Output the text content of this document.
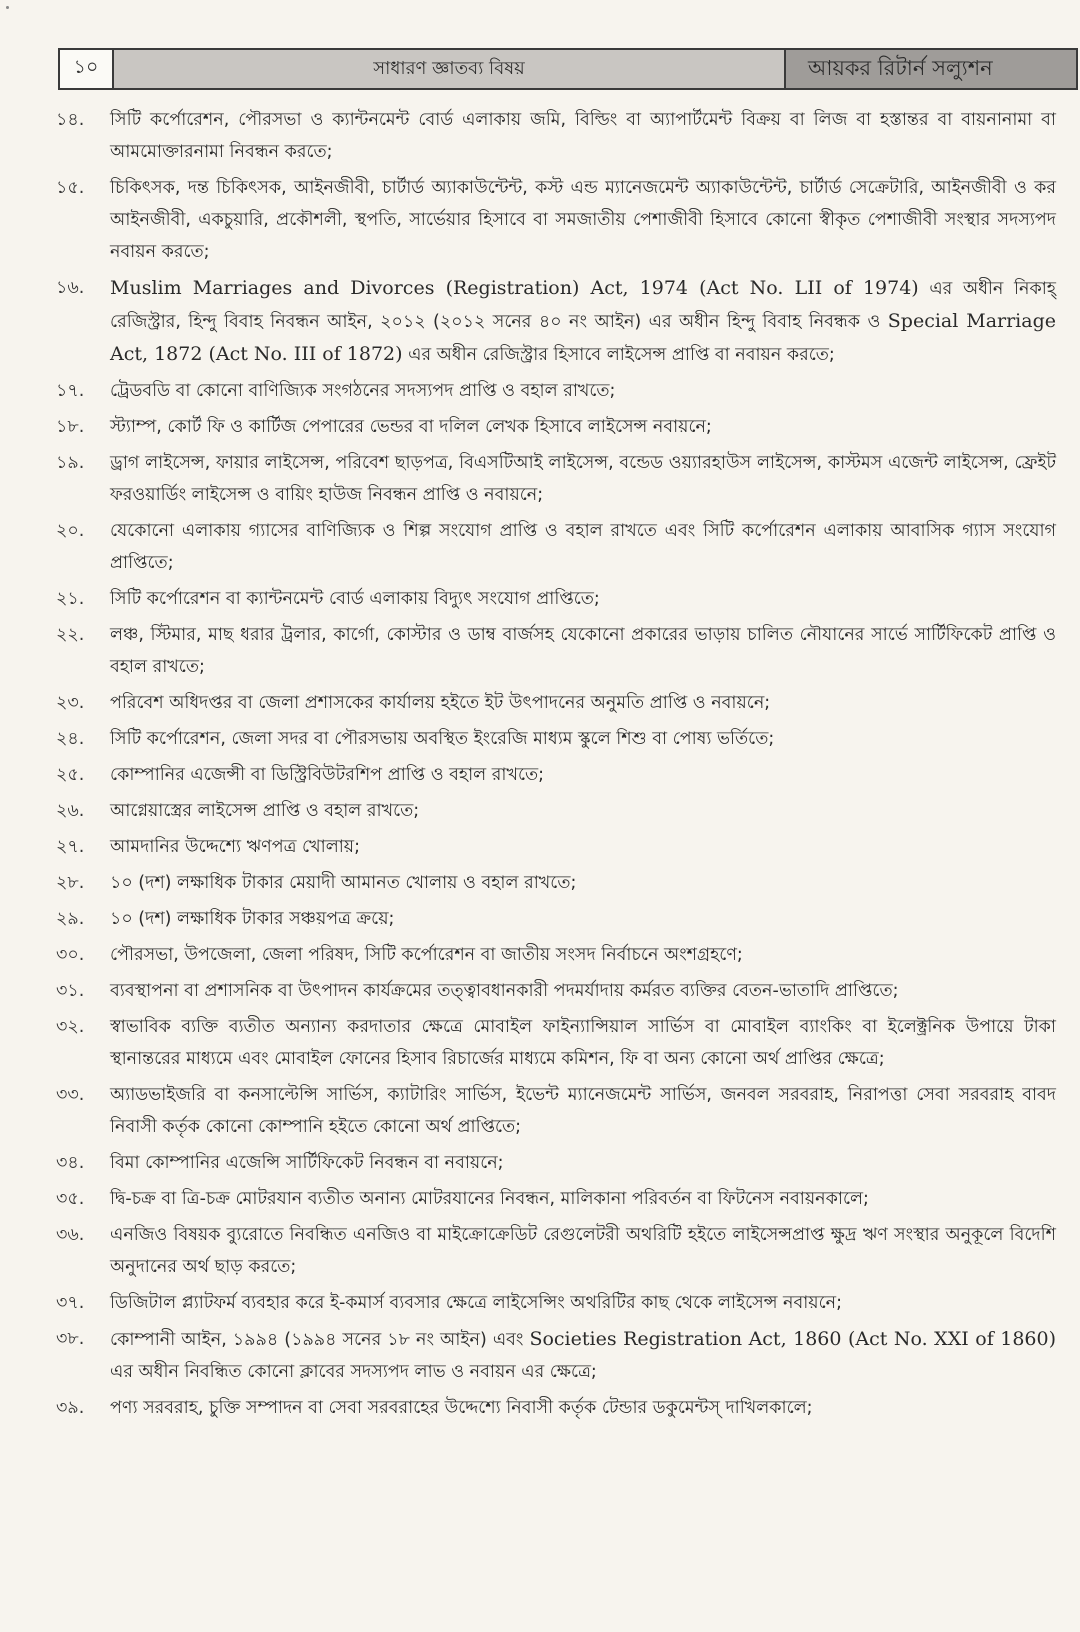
১০	সাধারণ জ্ঞাতব্য বিষয়	আয়কর রিটার্ন সল্যুশন
১৪.	সিটি কর্পোরেশন, পৌরসভা ও ক্যান্টনমেন্ট বোর্ড এলাকায় জমি, বিল্ডিং বা অ্যাপার্টমেন্ট বিক্রয় বা লিজ বা হস্তান্তর বা বায়নানামা বা আমমোক্তারনামা নিবন্ধন করতে;
১৫.	চিকিৎসক, দন্ত চিকিৎসক, আইনজীবী, চার্টার্ড অ্যাকাউন্টেন্ট, কস্ট এন্ড ম্যানেজমেন্ট অ্যাকাউন্টেন্ট, চার্টার্ড সেক্রেটারি, আইনজীবী ও কর আইনজীবী, একচুয়ারি, প্রকৌশলী, স্থপতি, সার্ভেয়ার হিসাবে বা সমজাতীয় পেশাজীবী হিসাবে কোনো স্বীকৃত পেশাজীবী সংস্থার সদস্যপদ নবায়ন করতে;
১৬.	Muslim Marriages and Divorces (Registration) Act, 1974 (Act No. LII of 1974) এর অধীন নিকাহ্ রেজিস্ট্রার, হিন্দু বিবাহ নিবন্ধন আইন, ২০১২ (২০১২ সনের ৪০ নং আইন) এর অধীন হিন্দু বিবাহ নিবন্ধক ও Special Marriage Act, 1872 (Act No. III of 1872) এর অধীন রেজিস্ট্রার হিসাবে লাইসেন্স প্রাপ্তি বা নবায়ন করতে;
১৭.	ট্রেডবডি বা কোনো বাণিজ্যিক সংগঠনের সদস্যপদ প্রাপ্তি ও বহাল রাখতে;
১৮.	স্ট্যাম্প, কোর্ট ফি ও কার্টিজ পেপারের ভেন্ডর বা দলিল লেখক হিসাবে লাইসেন্স নবায়নে;
১৯.	ড্রাগ লাইসেন্স, ফায়ার লাইসেন্স, পরিবেশ ছাড়পত্র, বিএসটিআই লাইসেন্স, বন্ডেড ওয়্যারহাউস লাইসেন্স, কাস্টমস এজেন্ট লাইসেন্স, ফ্রেইট ফরওয়ার্ডিং লাইসেন্স ও বায়িং হাউজ নিবন্ধন প্রাপ্তি ও নবায়নে;
২০.	যেকোনো এলাকায় গ্যাসের বাণিজ্যিক ও শিল্প সংযোগ প্রাপ্তি ও বহাল রাখতে এবং সিটি কর্পোরেশন এলাকায় আবাসিক গ্যাস সংযোগ প্রাপ্তিতে;
২১.	সিটি কর্পোরেশন বা ক্যান্টনমেন্ট বোর্ড এলাকায় বিদ্যুৎ সংযোগ প্রাপ্তিতে;
২২.	লঞ্চ, স্টিমার, মাছ ধরার ট্রলার, কার্গো, কোস্টার ও ডাম্ব বার্জসহ যেকোনো প্রকারের ভাড়ায় চালিত নৌযানের সার্ভে সার্টিফিকেট প্রাপ্তি ও বহাল রাখতে;
২৩.	পরিবেশ অধিদপ্তর বা জেলা প্রশাসকের কার্যালয় হইতে ইট উৎপাদনের অনুমতি প্রাপ্তি ও নবায়নে;
২৪.	সিটি কর্পোরেশন, জেলা সদর বা পৌরসভায় অবস্থিত ইংরেজি মাধ্যম স্কুলে শিশু বা পোষ্য ভর্তিতে;
২৫.	কোম্পানির এজেন্সী বা ডিস্ট্রিবিউটরশিপ প্রাপ্তি ও বহাল রাখতে;
২৬.	আগ্নেয়াস্ত্রের লাইসেন্স প্রাপ্তি ও বহাল রাখতে;
২৭.	আমদানির উদ্দেশ্যে ঋণপত্র খোলায়;
২৮.	১০ (দশ) লক্ষাধিক টাকার মেয়াদী আমানত খোলায় ও বহাল রাখতে;
২৯.	১০ (দশ) লক্ষাধিক টাকার সঞ্চয়পত্র ক্রয়ে;
৩০.	পৌরসভা, উপজেলা, জেলা পরিষদ, সিটি কর্পোরেশন বা জাতীয় সংসদ নির্বাচনে অংশগ্রহণে;
৩১.	ব্যবস্থাপনা বা প্রশাসনিক বা উৎপাদন কার্যক্রমের তত্ত্বাবধানকারী পদমর্যাদায় কর্মরত ব্যক্তির বেতন-ভাতাদি প্রাপ্তিতে;
৩২.	স্বাভাবিক ব্যক্তি ব্যতীত অন্যান্য করদাতার ক্ষেত্রে মোবাইল ফাইন্যান্সিয়াল সার্ভিস বা মোবাইল ব্যাংকিং বা ইলেক্ট্রনিক উপায়ে টাকা স্থানান্তরের মাধ্যমে এবং মোবাইল ফোনের হিসাব রিচার্জের মাধ্যমে কমিশন, ফি বা অন্য কোনো অর্থ প্রাপ্তির ক্ষেত্রে;
৩৩.	অ্যাডভাইজরি বা কনসাল্টেন্সি সার্ভিস, ক্যাটারিং সার্ভিস, ইভেন্ট ম্যানেজমেন্ট সার্ভিস, জনবল সরবরাহ, নিরাপত্তা সেবা সরবরাহ বাবদ নিবাসী কর্তৃক কোনো কোম্পানি হইতে কোনো অর্থ প্রাপ্তিতে;
৩৪.	বিমা কোম্পানির এজেন্সি সার্টিফিকেট নিবন্ধন বা নবায়নে;
৩৫.	দ্বি-চক্র বা ত্রি-চক্র মোটরযান ব্যতীত অনান্য মোটরযানের নিবন্ধন, মালিকানা পরিবর্তন বা ফিটনেস নবায়নকালে;
৩৬.	এনজিও বিষয়ক ব্যুরোতে নিবন্ধিত এনজিও বা মাইক্রোক্রেডিট রেগুলেটরী অথরিটি হইতে লাইসেন্সপ্রাপ্ত ক্ষুদ্র ঋণ সংস্থার অনুকূলে বিদেশি অনুদানের অর্থ ছাড় করতে;
৩৭.	ডিজিটাল প্ল্যাটফর্ম ব্যবহার করে ই-কমার্স ব্যবসার ক্ষেত্রে লাইসেন্সিং অথরিটির কাছ থেকে লাইসেন্স নবায়নে;
৩৮.	কোম্পানী আইন, ১৯৯৪ (১৯৯৪ সনের ১৮ নং আইন) এবং Societies Registration Act, 1860 (Act No. XXI of 1860) এর অধীন নিবন্ধিত কোনো ক্লাবের সদস্যপদ লাভ ও নবায়ন এর ক্ষেত্রে;
৩৯.	পণ্য সরবরাহ, চুক্তি সম্পাদন বা সেবা সরবরাহের উদ্দেশ্যে নিবাসী কর্তৃক টেন্ডার ডকুমেন্টস্ দাখিলকালে;
